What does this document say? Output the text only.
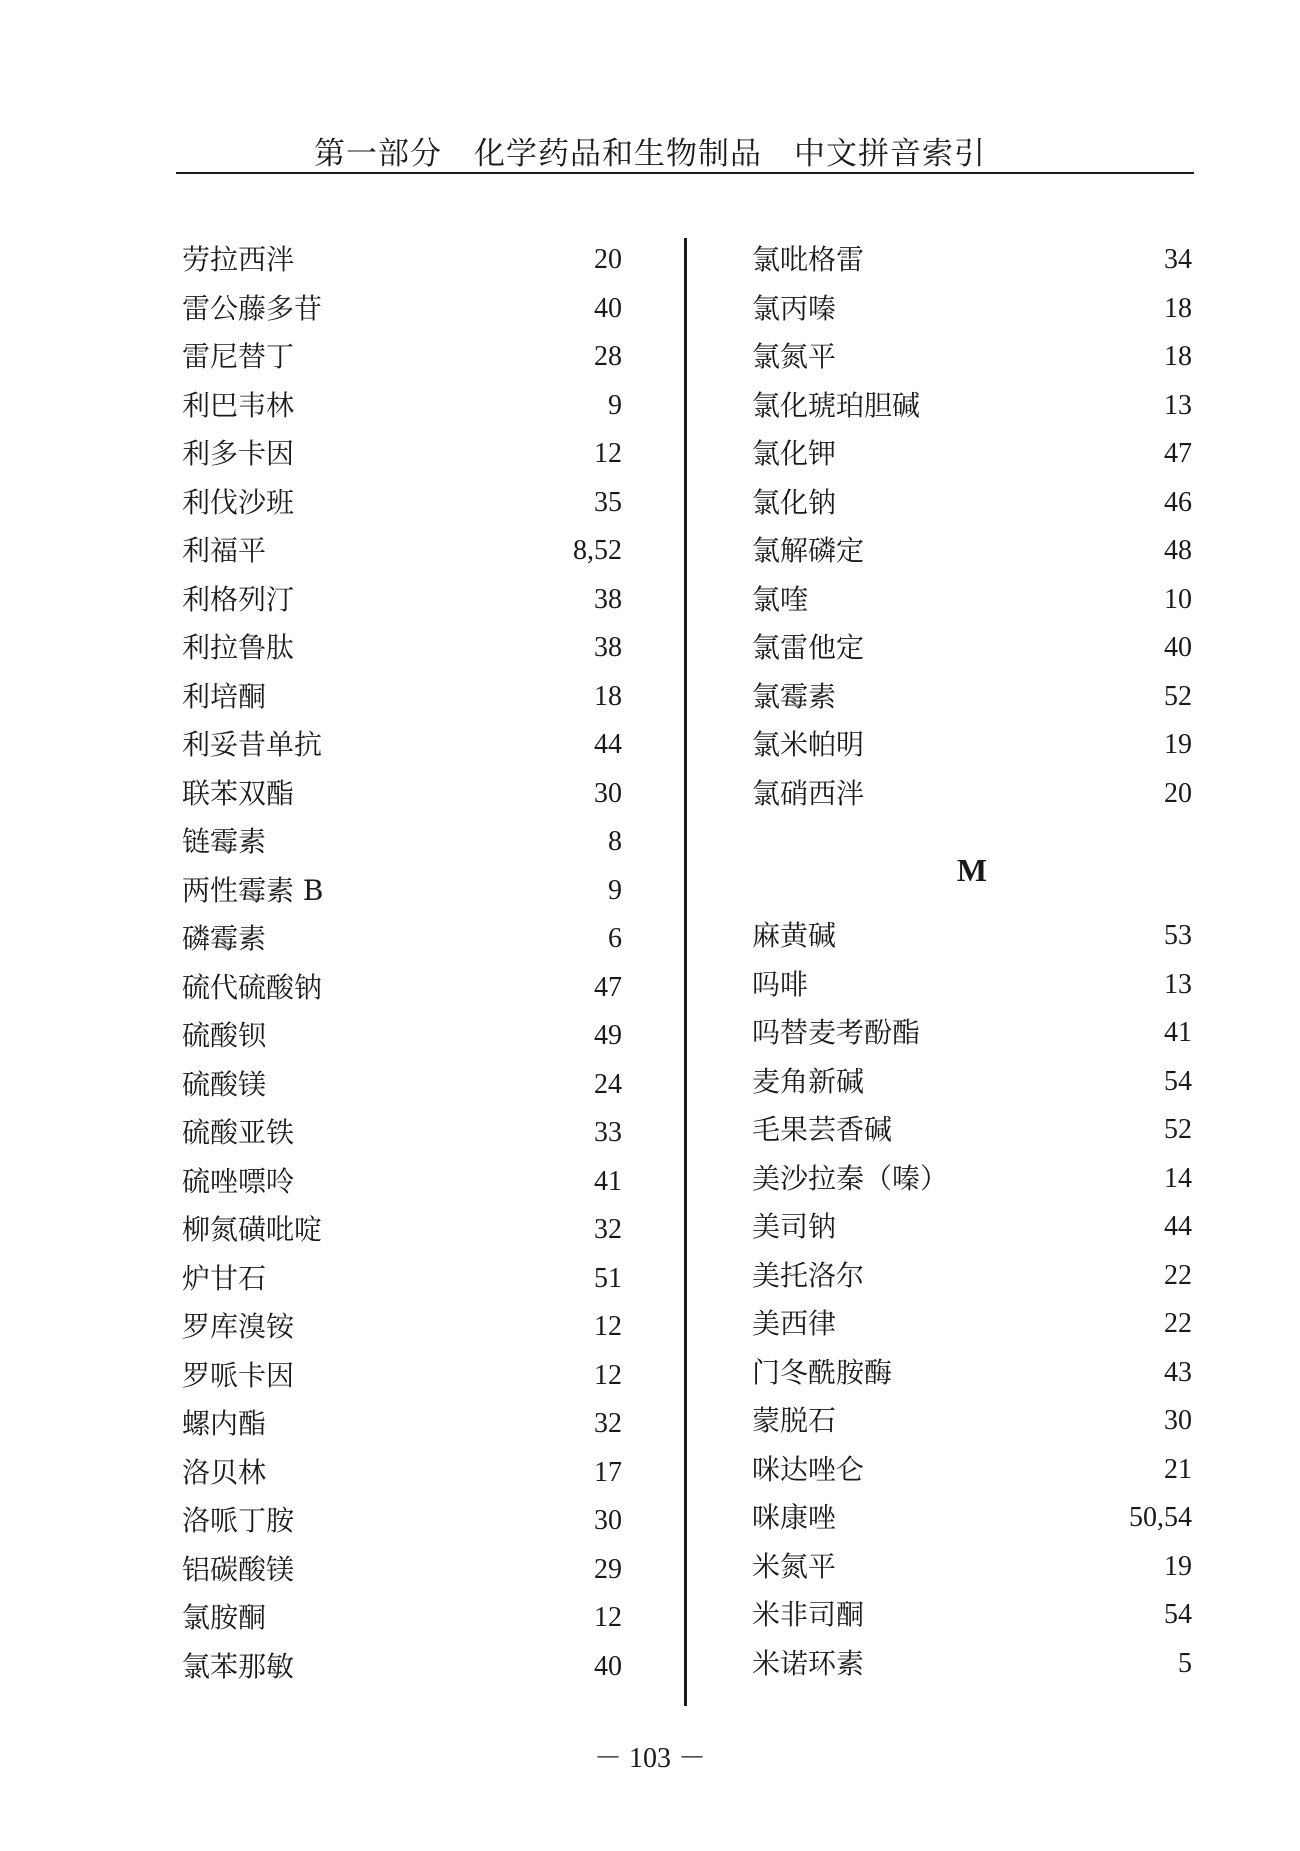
第一部分　化学药品和生物制品　中文拼音索引
劳拉西泮	20
雷公藤多苷	40
雷尼替丁	28
利巴韦林	9
利多卡因	12
利伐沙班	35
利福平	8,52
利格列汀	38
利拉鲁肽	38
利培酮	18
利妥昔单抗	44
联苯双酯	30
链霉素	8
两性霉素 B	9
磷霉素	6
硫代硫酸钠	47
硫酸钡	49
硫酸镁	24
硫酸亚铁	33
硫唑嘌呤	41
柳氮磺吡啶	32
炉甘石	51
罗库溴铵	12
罗哌卡因	12
螺内酯	32
洛贝林	17
洛哌丁胺	30
铝碳酸镁	29
氯胺酮	12
氯苯那敏	40
氯吡格雷	34
氯丙嗪	18
氯氮平	18
氯化琥珀胆碱	13
氯化钾	47
氯化钠	46
氯解磷定	48
氯喹	10
氯雷他定	40
氯霉素	52
氯米帕明	19
氯硝西泮	20
M
麻黄碱	53
吗啡	13
吗替麦考酚酯	41
麦角新碱	54
毛果芸香碱	52
美沙拉秦（嗪）	14
美司钠	44
美托洛尔	22
美西律	22
门冬酰胺酶	43
蒙脱石	30
咪达唑仑	21
咪康唑	50,54
米氮平	19
米非司酮	54
米诺环素	5
－ 103 －
